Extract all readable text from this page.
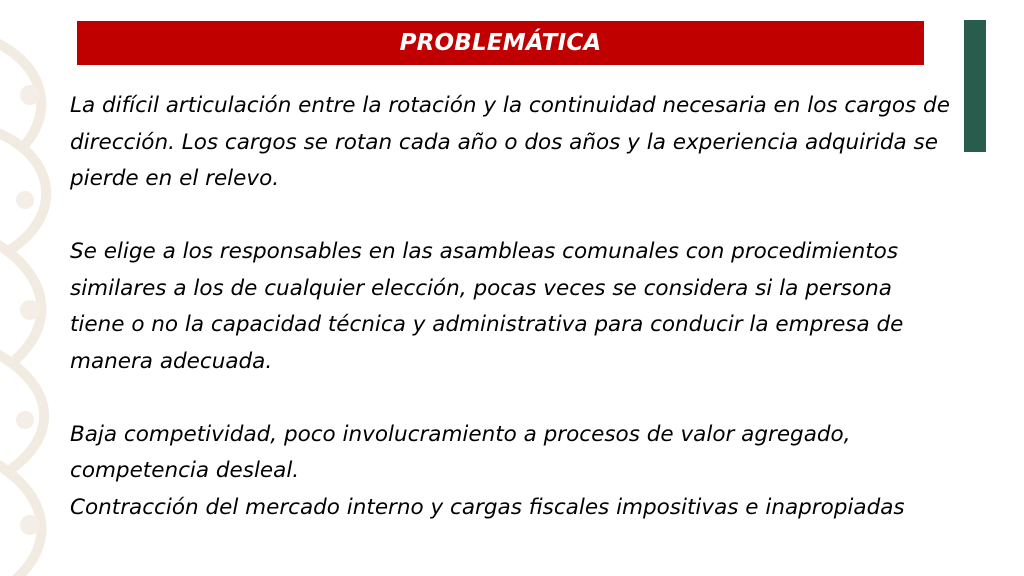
PROBLEMÁTICA

La difícil articulación entre la rotación y la continuidad necesaria en los cargos de dirección. Los cargos se rotan cada año o dos años y la experiencia adquirida se pierde en el relevo.

Se elige a los responsables en las asambleas comunales con procedimientos similares a los de cualquier elección, pocas veces se considera si la persona tiene o no la capacidad técnica y administrativa para conducir la empresa de manera adecuada.

Baja competividad, poco involucramiento a procesos de valor agregado, competencia desleal.

Contracción del mercado interno y cargas fiscales impositivas e inapropiadas
